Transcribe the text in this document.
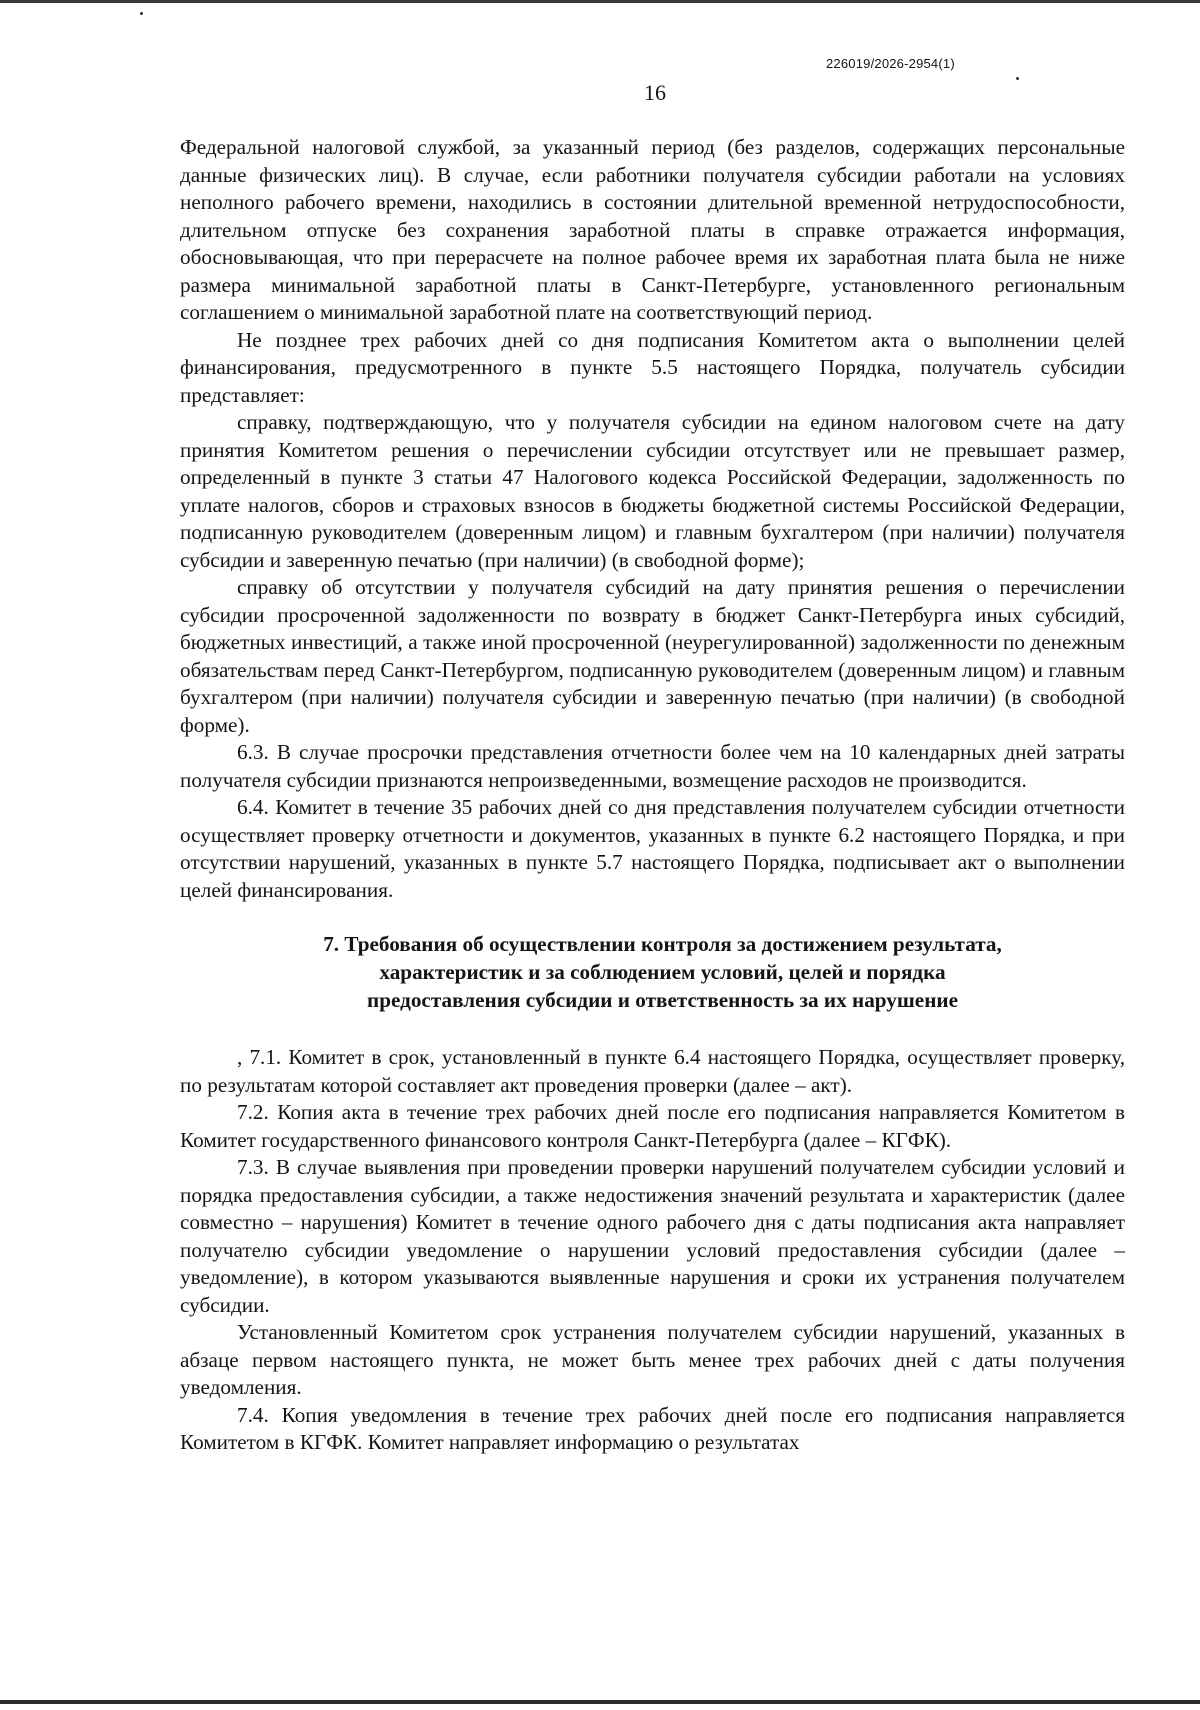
226019/2026-2954(1)
16

Федеральной налоговой службой, за указанный период (без разделов, содержащих персональные данные физических лиц). В случае, если работники получателя субсидии работали на условиях неполного рабочего времени, находились в состоянии длительной временной нетрудоспособности, длительном отпуске без сохранения заработной платы в справке отражается информация, обосновывающая, что при перерасчете на полное рабочее время их заработная плата была не ниже размера минимальной заработной платы в Санкт-Петербурге, установленного региональным соглашением о минимальной заработной плате на соответствующий период.

Не позднее трех рабочих дней со дня подписания Комитетом акта о выполнении целей финансирования, предусмотренного в пункте 5.5 настоящего Порядка, получатель субсидии представляет:

справку, подтверждающую, что у получателя субсидии на едином налоговом счете на дату принятия Комитетом решения о перечислении субсидии отсутствует или не превышает размер, определенный в пункте 3 статьи 47 Налогового кодекса Российской Федерации, задолженность по уплате налогов, сборов и страховых взносов в бюджеты бюджетной системы Российской Федерации, подписанную руководителем (доверенным лицом) и главным бухгалтером (при наличии) получателя субсидии и заверенную печатью (при наличии) (в свободной форме);

справку об отсутствии у получателя субсидий на дату принятия решения о перечислении субсидии просроченной задолженности по возврату в бюджет Санкт-Петербурга иных субсидий, бюджетных инвестиций, а также иной просроченной (неурегулированной) задолженности по денежным обязательствам перед Санкт-Петербургом, подписанную руководителем (доверенным лицом) и главным бухгалтером (при наличии) получателя субсидии и заверенную печатью (при наличии) (в свободной форме).

6.3. В случае просрочки представления отчетности более чем на 10 календарных дней затраты получателя субсидии признаются непроизведенными, возмещение расходов не производится.

6.4. Комитет в течение 35 рабочих дней со дня представления получателем субсидии отчетности осуществляет проверку отчетности и документов, указанных в пункте 6.2 настоящего Порядка, и при отсутствии нарушений, указанных в пункте 5.7 настоящего Порядка, подписывает акт о выполнении целей финансирования.

7. Требования об осуществлении контроля за достижением результата,
характеристик и за соблюдением условий, целей и порядка
предоставления субсидии и ответственность за их нарушение

, 7.1. Комитет в срок, установленный в пункте 6.4 настоящего Порядка, осуществляет проверку, по результатам которой составляет акт проведения проверки (далее – акт).

7.2. Копия акта в течение трех рабочих дней после его подписания направляется Комитетом в Комитет государственного финансового контроля Санкт-Петербурга (далее – КГФК).

7.3. В случае выявления при проведении проверки нарушений получателем субсидии условий и порядка предоставления субсидии, а также недостижения значений результата и характеристик (далее совместно – нарушения) Комитет в течение одного рабочего дня с даты подписания акта направляет получателю субсидии уведомление о нарушении условий предоставления субсидии (далее – уведомление), в котором указываются выявленные нарушения и сроки их устранения получателем субсидии.

Установленный Комитетом срок устранения получателем субсидии нарушений, указанных в абзаце первом настоящего пункта, не может быть менее трех рабочих дней с даты получения уведомления.

7.4. Копия уведомления в течение трех рабочих дней после его подписания направляется Комитетом в КГФК. Комитет направляет информацию о результатах
